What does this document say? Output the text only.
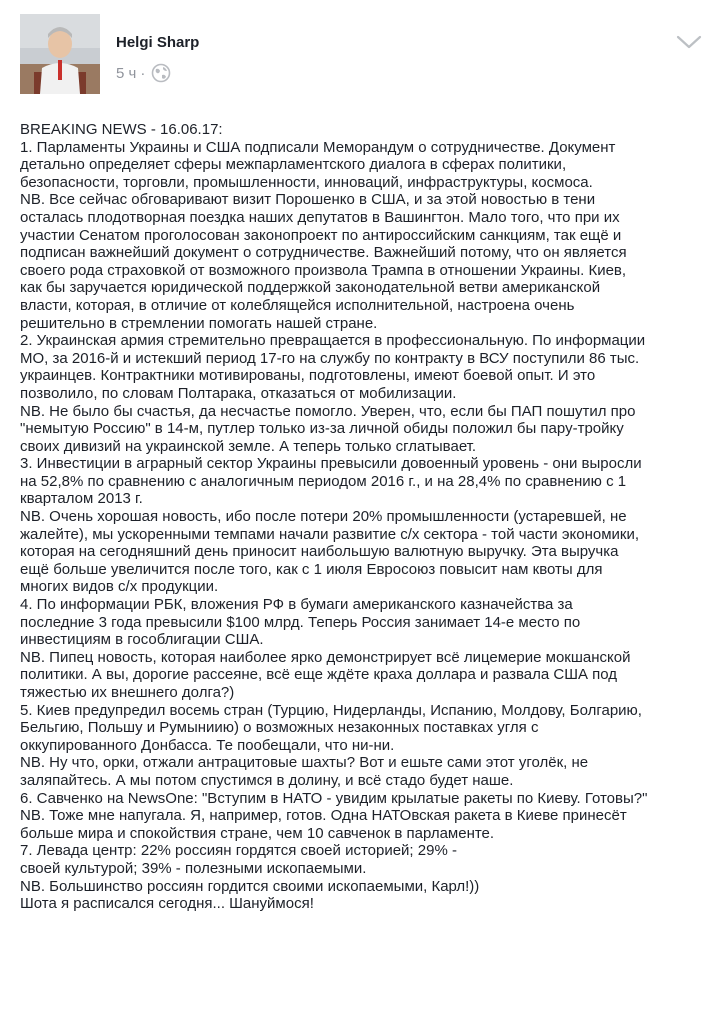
Helgi Sharp
5 ч ·

BREAKING NEWS - 16.06.17:

1. Парламенты Украины и США подписали Меморандум о сотрудничестве. Документ
детально определяет сферы межпарламентского диалога в сферах политики,
безопасности, торговли, промышленности, инноваций, инфраструктуры, космоса.
NB. Все сейчас обговаривают визит Порошенко в США, и за этой новостью в тени
осталась плодотворная поездка наших депутатов в Вашингтон. Мало того, что при их
участии Сенатом проголосован законопроект по антироссийским санкциям, так ещё и
подписан важнейший документ о сотрудничестве. Важнейший потому, что он является
своего рода страховкой от возможного произвола Трампа в отношении Украины. Киев,
как бы заручается юридической поддержкой законодательной ветви американской
власти, которая, в отличие от колеблящейся исполнительной, настроена очень
решительно в стремлении помогать нашей стране.

2. Украинская армия стремительно превращается в профессиональную. По информации
МО, за 2016-й и истекший период 17-го на службу по контракту в ВСУ поступили 86 тыс.
украинцев. Контрактники мотивированы, подготовлены, имеют боевой опыт. И это
позволило, по словам Полтарака, отказаться от мобилизации.
NB. Не было бы счастья, да несчастье помогло. Уверен, что, если бы ПАП пошутил про
"немытую Россию" в 14-м, путлер только из-за личной обиды положил бы пару-тройку
своих дивизий на украинской земле. А теперь только сглатывает.

3. Инвестиции в аграрный сектор Украины превысили довоенный уровень - они выросли
на 52,8% по сравнению с аналогичным периодом 2016 г., и на 28,4% по сравнению с 1
кварталом 2013 г.
NB. Очень хорошая новость, ибо после потери 20% промышленности (устаревшей, не
жалейте), мы ускоренными темпами начали развитие с/х сектора - той части экономики,
которая на сегодняшний день приносит наибольшую валютную выручку. Эта выручка
ещё больше увеличится после того, как с 1 июля Евросоюз повысит нам квоты для
многих видов с/х продукции.

4. По информации РБК, вложения РФ в бумаги американского казначейства за
последние 3 года превысили $100 млрд. Теперь Россия занимает 14-е место по
инвестициям в гособлигации США.
NB. Пипец новость, которая наиболее ярко демонстрирует всё лицемерие мокшанской
политики. А вы, дорогие рассеяне, всё еще ждёте краха доллара и развала США под
тяжестью их внешнего долга?)

5. Киев предупредил восемь стран (Турцию, Нидерланды, Испанию, Молдову, Болгарию,
Бельгию, Польшу и Румыниию) о возможных незаконных поставках угля с
оккупированного Донбасса. Те пообещали, что ни-ни.
NB. Ну что, орки, отжали антрацитовые шахты? Вот и ешьте сами этот уголёк, не
заляпайтесь. А мы потом спустимся в долину, и всё стадо будет наше.

6. Савченко на NewsOne: "Вступим в НАТО - увидим крылатые ракеты по Киеву. Готовы?"
NB. Тоже мне напугала. Я, например, готов. Одна НАТОвская ракета в Киеве принесёт
больше мира и спокойствия стране, чем 10 савченок в парламенте.

7. Левада центр: 22% россиян гордятся своей историей; 29% -
своей культурой; 39% - полезными ископаемыми.
NB. Большинство россиян гордится своими ископаемыми, Карл!))
Шота я расписался сегодня... Шануймося!
